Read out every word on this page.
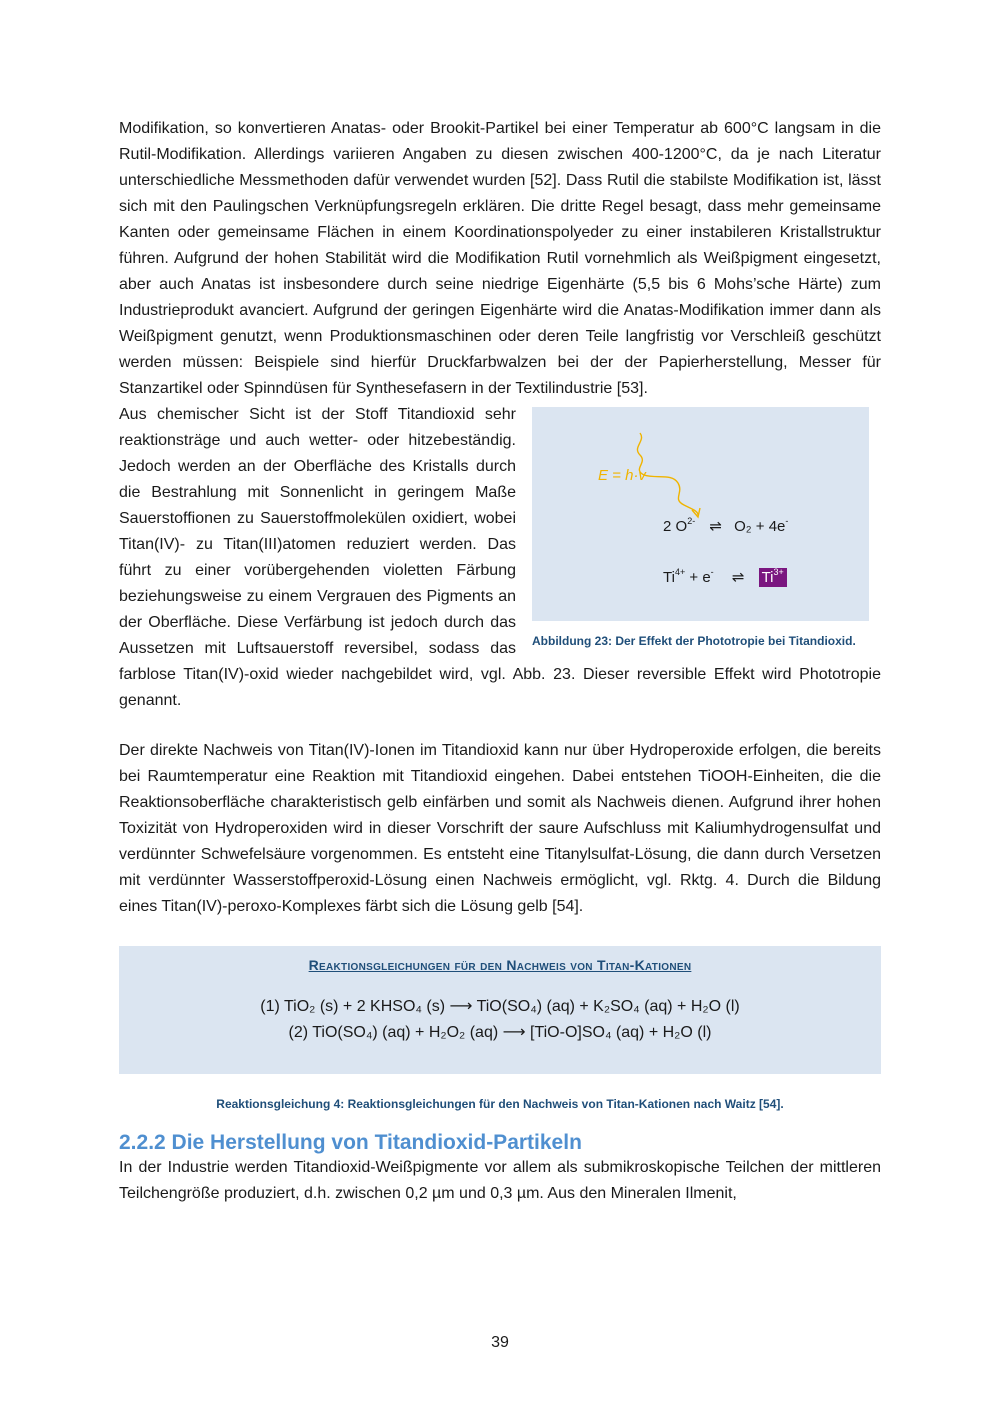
Modifikation, so konvertieren Anatas- oder Brookit-Partikel bei einer Temperatur ab 600°C langsam in die Rutil-Modifikation. Allerdings variieren Angaben zu diesen zwischen 400-1200°C, da je nach Literatur unterschiedliche Messmethoden dafür verwendet wurden [52]. Dass Rutil die stabilste Modifikation ist, lässt sich mit den Paulingschen Verknüpfungsregeln erklären. Die dritte Regel besagt, dass mehr gemeinsame Kanten oder gemeinsame Flächen in einem Koordinationspolyeder zu einer instabileren Kristallstruktur führen. Aufgrund der hohen Stabilität wird die Modifikation Rutil vornehmlich als Weißpigment eingesetzt, aber auch Anatas ist insbesondere durch seine niedrige Eigenhärte (5,5 bis 6 Mohs’sche Härte) zum Industrieprodukt avanciert. Aufgrund der geringen Eigenhärte wird die Anatas-Modifikation immer dann als Weißpigment genutzt, wenn Produktionsmaschinen oder deren Teile langfristig vor Verschleiß geschützt werden müssen: Beispiele sind hierfür Druckfarbwalzen bei der der Papierherstellung, Messer für Stanzartikel oder Spinndüsen für Synthesefasern in der Textilindustrie [53].

E = h·v
2 $O^{2-}$ ⇌ O₂ + 4e-
$Ti^{4+} + e^-$ ⇌ $Ti^{3+}$
Abbildung 23: Der Effekt der Phototropie bei Titandioxid.

Aus chemischer Sicht ist der Stoff Titandioxid sehr reaktionsträge und auch wetter- oder hitzebeständig. Jedoch werden an der Oberfläche des Kristalls durch die Bestrahlung mit Sonnenlicht in geringem Maße Sauerstoffionen zu Sauerstoffmolekülen oxidiert, wobei Titan(IV)- zu Titan(III)atomen reduziert werden. Das führt zu einer vorübergehenden violetten Färbung beziehungsweise zu einem Vergrauen des Pigments an der Oberfläche. Diese Verfärbung ist jedoch durch das Aussetzen mit Luftsauerstoff reversibel, sodass das farblose Titan(IV)-oxid wieder nachgebildet wird, vgl. Abb. 23. Dieser reversible Effekt wird Phototropie genannt.

Der direkte Nachweis von Titan(IV)-Ionen im Titandioxid kann nur über Hydroperoxide erfolgen, die bereits bei Raumtemperatur eine Reaktion mit Titandioxid eingehen. Dabei entstehen TiOOH-Einheiten, die die Reaktionsoberfläche charakteristisch gelb einfärben und somit als Nachweis dienen. Aufgrund ihrer hohen Toxizität von Hydroperoxiden wird in dieser Vorschrift der saure Aufschluss mit Kaliumhydrogensulfat und verdünnter Schwefelsäure vorgenommen. Es entsteht eine Titanylsulfat-Lösung, die dann durch Versetzen mit verdünnter Wasserstoffperoxid-Lösung einen Nachweis ermöglicht, vgl. Rktg. 4. Durch die Bildung eines Titan(IV)-peroxo-Komplexes färbt sich die Lösung gelb [54].

Reaktionsgleichungen für den Nachweis von Titan-Kationen
(1) TiO₂ (s) + 2 KHSO₄ (s) ⟶ TiO(SO₄) (aq) + K₂SO₄ (aq) + H₂O (l)
(2) TiO(SO₄) (aq) + H₂O₂ (aq) ⟶ [TiO-O]SO₄ (aq) + H₂O (l)
Reaktionsgleichung 4: Reaktionsgleichungen für den Nachweis von Titan-Kationen nach Waitz [54].
2.2.2 Die Herstellung von Titandioxid-Partikeln

In der Industrie werden Titandioxid-Weißpigmente vor allem als submikroskopische Teilchen der mittleren Teilchengröße produziert, d.h. zwischen 0,2 µm und 0,3 µm. Aus den Mineralen Ilmenit,

39
